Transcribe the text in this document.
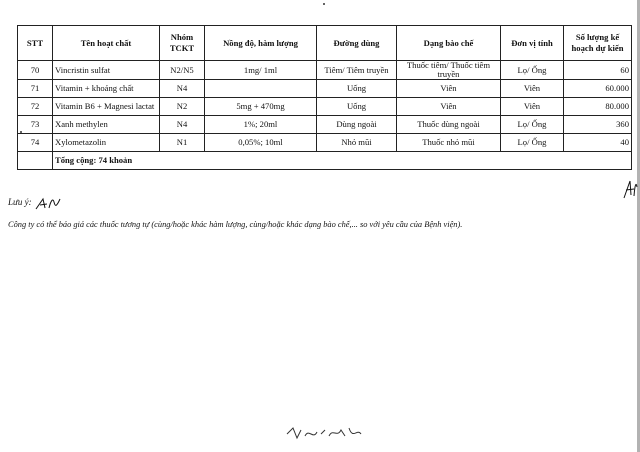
STT	Tên hoạt chất	Nhóm TCKT	Nồng độ, hàm lượng	Đường dùng	Dạng bào chế	Đơn vị tính	Số lượng kế hoạch dự kiến
70	Vincristin sulfat	N2/N5	1mg/ 1ml	Tiêm/ Tiêm truyền	Thuốc tiêm/ Thuốc tiêm truyền	Lọ/ Ống	60
71	Vitamin + khoáng chất	N4		Uống	Viên	Viên	60.000
72	Vitamin B6 + Magnesi lactat	N2	5mg + 470mg	Uống	Viên	Viên	80.000
73	Xanh methylen	N4	1%; 20ml	Dùng ngoài	Thuốc dùng ngoài	Lọ/ Ống	360
74	Xylometazolin	N1	0,05%; 10ml	Nhỏ mũi	Thuốc nhỏ mũi	Lọ/ Ống	40
	Tổng cộng: 74 khoản						
Lưu ý:
Công ty có thể báo giá các thuốc tương tự (cùng/hoặc khác hàm lượng, cùng/hoặc khác dạng bào chế,... so với yêu cầu của Bệnh viện).
